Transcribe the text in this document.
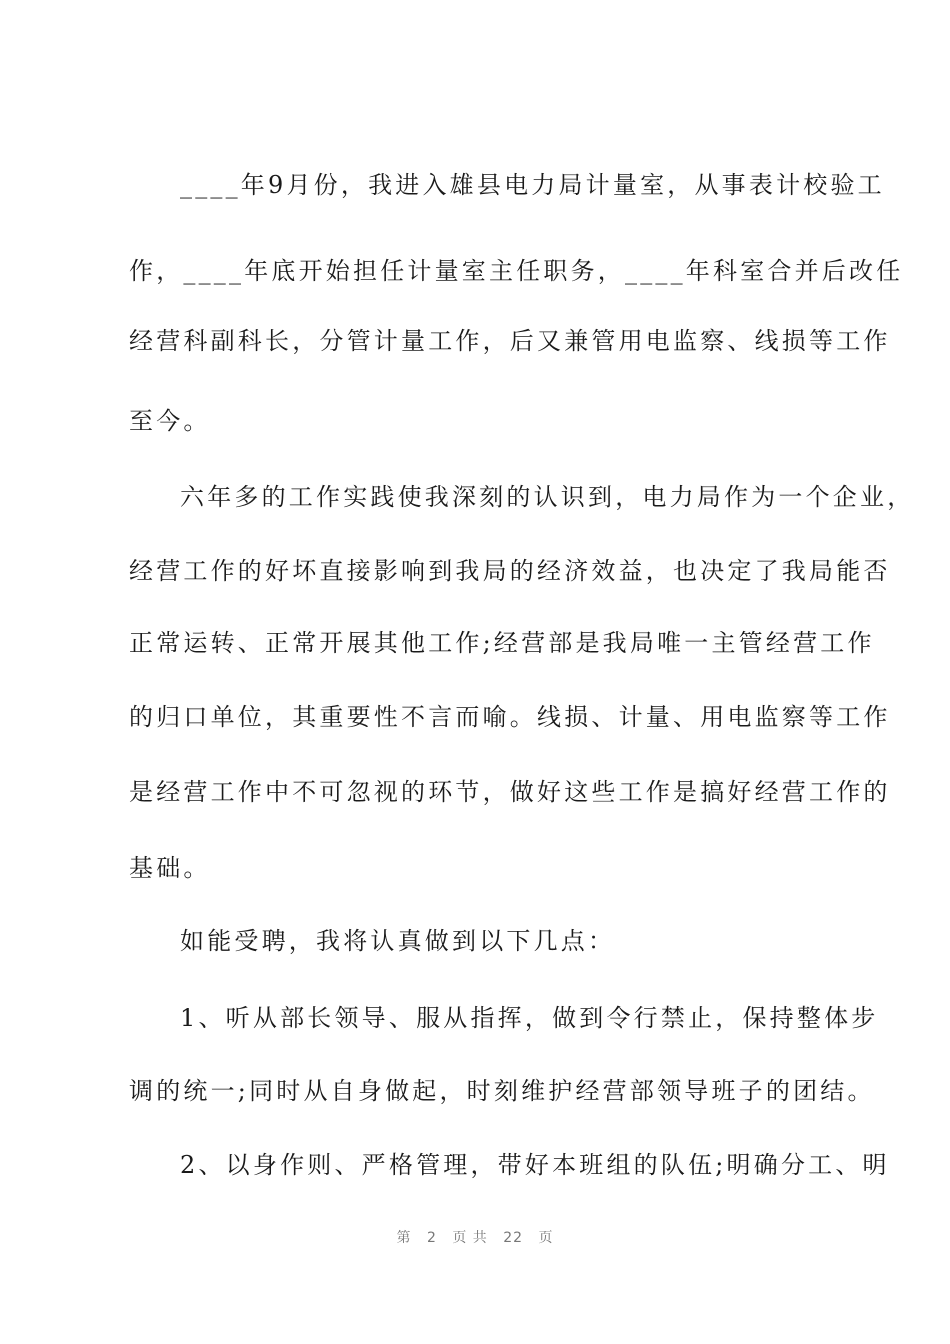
____年9月份，我进入雄县电力局计量室，从事表计校验工
作，____年底开始担任计量室主任职务，____年科室合并后改任
经营科副科长，分管计量工作，后又兼管用电监察、线损等工作
至今。
六年多的工作实践使我深刻的认识到，电力局作为一个企业，
经营工作的好坏直接影响到我局的经济效益，也决定了我局能否
正常运转、正常开展其他工作;经营部是我局唯一主管经营工作
的归口单位，其重要性不言而喻。线损、计量、用电监察等工作
是经营工作中不可忽视的环节，做好这些工作是搞好经营工作的
基础。
如能受聘，我将认真做到以下几点：
1、听从部长领导、服从指挥，做到令行禁止，保持整体步
调的统一;同时从自身做起，时刻维护经营部领导班子的团结。
2、以身作则、严格管理，带好本班组的队伍;明确分工、明
第 2 页 共 22 页
